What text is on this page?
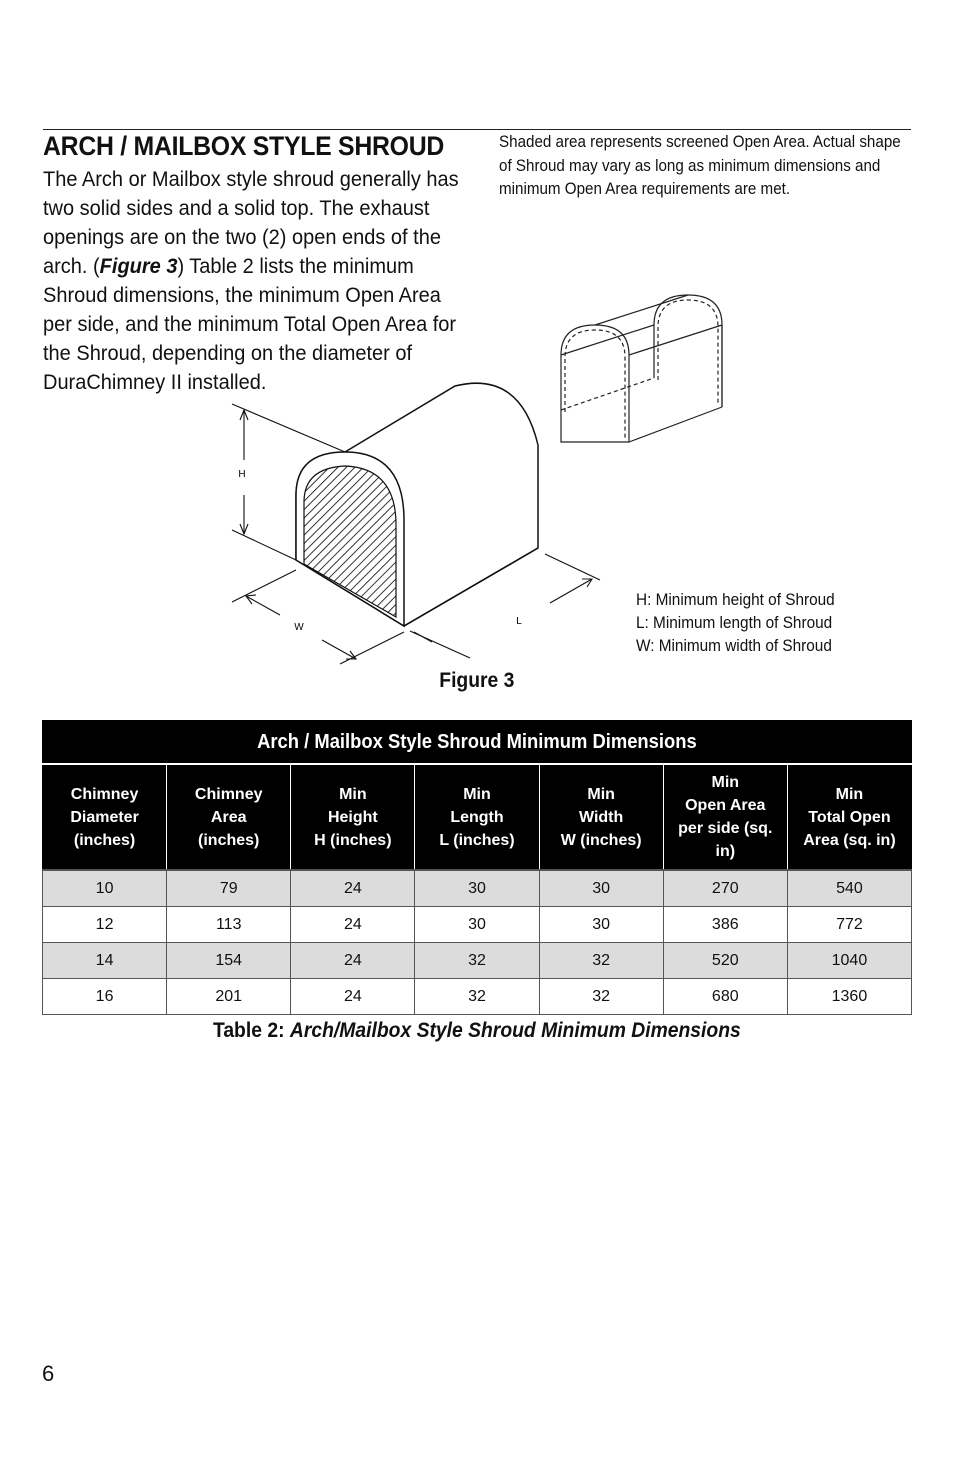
ARCH / MAILBOX STYLE SHROUD
The Arch or Mailbox style shroud generally has two solid sides and a solid top. The exhaust openings are on the two (2) open ends of the arch. (Figure 3) Table 2 lists the minimum Shroud dimensions, the minimum Open Area per side, and the minimum Total Open Area for the Shroud, depending on the diameter of DuraChimney II installed.
Shaded area represents screened Open Area. Actual shape of Shroud may vary as long as minimum dimensions and minimum Open Area requirements are met.
H
W
L
H: Minimum height of Shroud
L: Minimum length of Shroud
W: Minimum width of Shroud
Figure 3
Arch / Mailbox Style Shroud Minimum Dimensions						
Chimney
Diameter
(inches)	Chimney
Area
(inches)	Min
Height
H (inches)	Min
Length
L (inches)	Min
Width
W (inches)	Min
Open Area
per side (sq.
in)	Min
Total Open
Area (sq. in)
10	79	24	30	30	270	540
12	113	24	30	30	386	772
14	154	24	32	32	520	1040
16	201	24	32	32	680	1360
Table 2: Arch/Mailbox Style Shroud Minimum Dimensions
6
